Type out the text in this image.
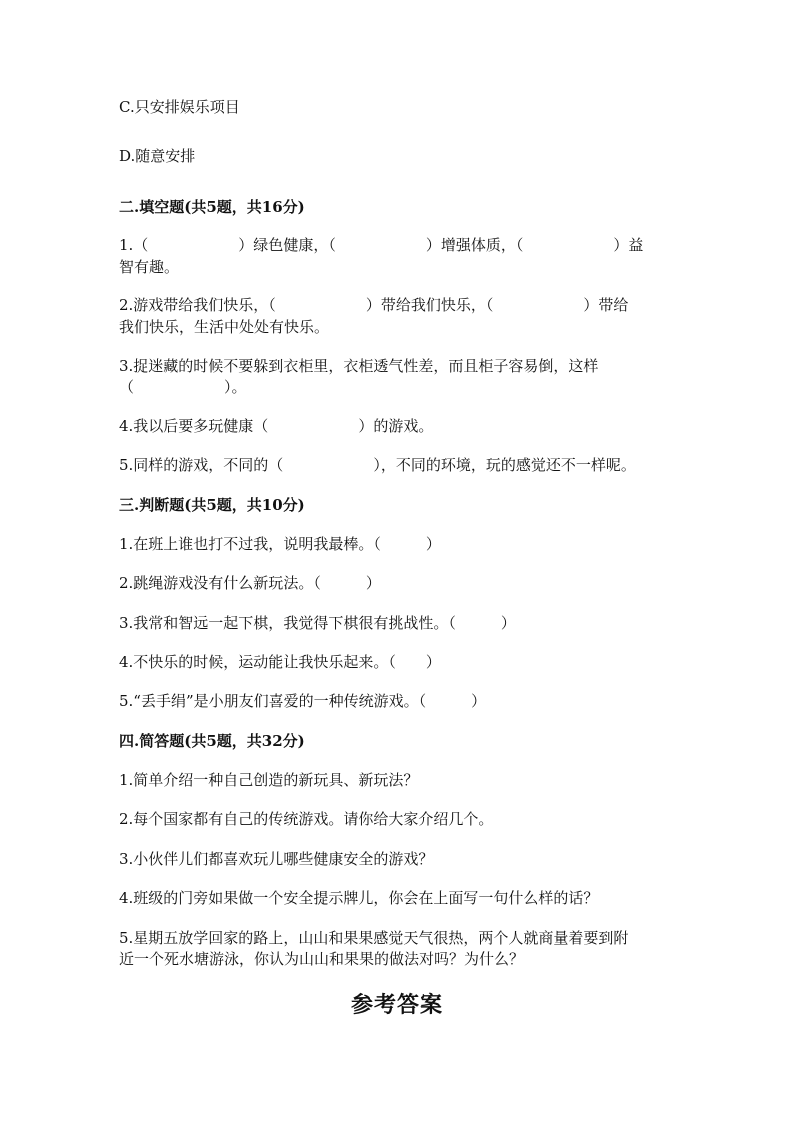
C.只安排娱乐项目
D.随意安排
二.填空题(共5题，共16分)
1.（　　　　　　）绿色健康，（　　　　　　）增强体质，（　　　　　　）益
智有趣。
2.游戏带给我们快乐，（　　　　　　）带给我们快乐，（　　　　　　）带给
我们快乐，生活中处处有快乐。
3.捉迷藏的时候不要躲到衣柜里，衣柜透气性差，而且柜子容易倒，这样
（　　　　　　）。
4.我以后要多玩健康（　　　　　　）的游戏。
5.同样的游戏，不同的（　　　　　　），不同的环境，玩的感觉还不一样呢。
三.判断题(共5题，共10分)
1.在班上谁也打不过我，说明我最棒。（　　　）
2.跳绳游戏没有什么新玩法。（　　　）
3.我常和智远一起下棋，我觉得下棋很有挑战性。（　　　）
4.不快乐的时候，运动能让我快乐起来。（　　）
5.“丢手绢”是小朋友们喜爱的一种传统游戏。（　　　）
四.简答题(共5题，共32分)
1.简单介绍一种自己创造的新玩具、新玩法？
2.每个国家都有自己的传统游戏。请你给大家介绍几个。
3.小伙伴儿们都喜欢玩儿哪些健康安全的游戏？
4.班级的门旁如果做一个安全提示牌儿，你会在上面写一句什么样的话？
5.星期五放学回家的路上，山山和果果感觉天气很热，两个人就商量着要到附
近一个死水塘游泳，你认为山山和果果的做法对吗？为什么？
参考答案
